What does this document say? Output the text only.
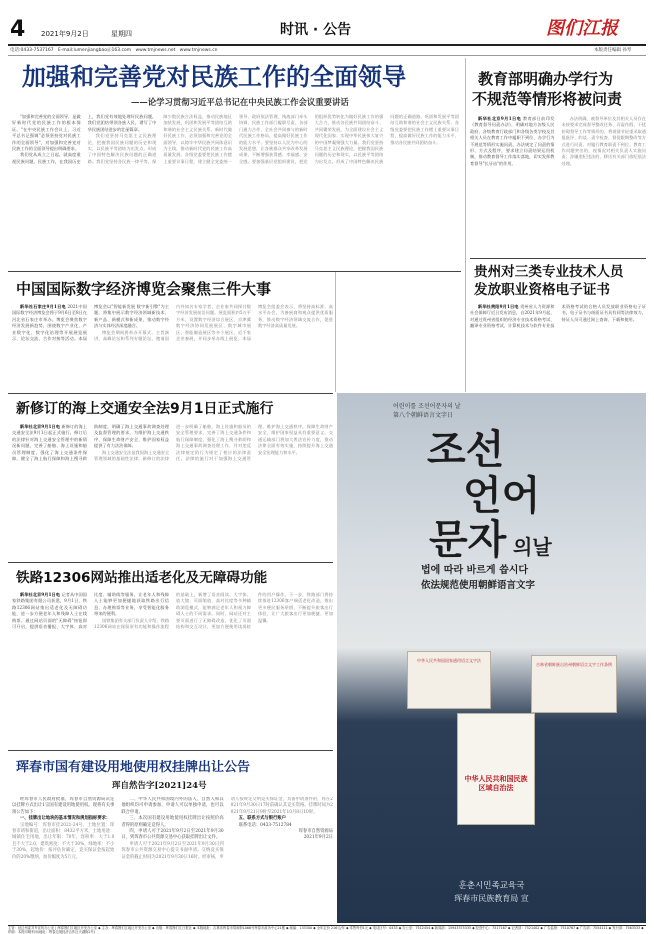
4 2021年9月2日	星期四	时讯 · 公告	图们江报
本版责任编辑 孙琴
电话:0433-7537167 E-mail:lumenjiangbao＠163.com www.tmjnews.net www.tmjnews.cn
加强和完善党对民族工作的全面领导
——论学习贯彻习近平总书记在中央民族工作会议重要讲话

"加强和完善党的全面领导，是做好新时代党的民族工作的根本保证。"在中央民族工作会议上，习近平总书记强调"必须坚持党对民族工作的全面领导"，对加强和完善党对民族工作的全面领导提出明确要求。

我们党从成立之日起，就高度重视民族问题。民族工作，在我国历史上，我们党有效地处理好民族问题，我们党团结带领各族人民，谱写了中华民族团结进步的壮丽篇章。

我们党坚持马克思主义民族理论，把握我国民族问题的历史和现实，以民族平等团结为出发点，形成了中国特色解决民族问题的正确道路。我们党坚持各民族一律平等，保障少数民族合法权益，推动民族地区加快发展，巩固和发展平等团结互助和谐的社会主义民族关系。新时代做好民族工作，必须加强和完善党的全面领导，以铸牢中华民族共同体意识为主线，推动新时代党的民族工作高质量发展。各级党委要把民族工作摆上重要议事日程，建立健全党委统一领导、政府依法管理、统战部门牵头协调、民族工作部门履职尽责、各部门通力合作、全社会共同参与的新时代民族工作格局，提高做好民族工作的能力水平。要坚持以人民为中心的发展思想，让各族群众共享改革发展成果，不断增强获得感、幸福感、安全感。要加强基层党组织建设，把党的组织优势转化为做好民族工作的强大合力，推动各民族共同团结奋斗、共同繁荣发展，为全面建设社会主义现代化国家、实现中华民族伟大复兴的中国梦凝聚强大力量。我们党坚持马克思主义民族理论，把握我国民族问题的历史和现实，以民族平等团结为出发点，形成了中国特色解决民族问题的正确道路，巩固和发展平等团结互助和谐的社会主义民族关系。各级党委要把民族工作摆上重要议事日程，提高做好民族工作的能力水平，推动各民族共同团结奋斗。

中国国际数字经济博览会聚焦三件大事

新华社石家庄9月1日电 2021中国国际数字经济博览会将于9月6日至8日在河北省石家庄市举办。博览会聚焦数字经济发展新趋势，围绕数字产业化、产业数字化、数字化治理等开展展览展示、论坛交流、合作对接等活动。本届博览会以"智能新发展 数字新引擎"为主题，将集中展示数字经济领域新技术、新产品、新模式和新成果，推动数字经济与实体经济深度融合。

博览会期间将举办开幕式、主旨演讲、高峰论坛和系列专题论坛，邀请国内外知名专家学者、企业家共同探讨数字经济发展前沿问题。展览面积约5万平方米，设置数字经济综合展区、京津冀数字经济协同发展展区、数字城市展区、智能制造展区等多个展区，近千家企业参展，并同步举办线上展览。本届博览会组委会表示，将坚持高标准、高水平办会，为参展商和观众提供优质服务，推动数字经济领域交流合作，促进数字经济高质量发展。

新修订的海上交通安全法9月1日正式施行

新华社北京9月1日电 新修订的海上交通安全法9月1日起正式施行。修订后的法律针对海上交通安全管理中的新情况新问题，完善了船舶、海上设施和船员管理制度，强化了海上交通条件保障，健全了海上航行保障和海上搜寻救助制度，明确了海上交通事故调查处理及监督管理的要求，为维护海上交通秩序、保障生命财产安全、维护国家权益提供了有力法治保障。

海上交通安全法是我国海上交通安全管理领域的基础性法律。新修订的法律进一步明确了船舶、海上设施和船员的安全管理要求，完善了海上交通条件和航行保障制度，强化了海上搜寻救助和海上交通事故调查处理工作，并对违反法律规定的行为规定了相应的法律责任。法律的施行对于加强海上交通管理，维护海上交通秩序，保障生命财产安全，维护国家权益具有重要意义。交通运输部门将加大普法宣传力度，推动法律全面有效实施，持续提升海上交通安全治理能力和水平。

铁路12306网站推出适老化及无障碍功能

新华社北京9月1日电 记者从中国国家铁路集团有限公司获悉，9月1日，铁路12306网站推出适老化及无障碍功能，进一步方便老年人和残障人士在线购票。通过网站页面的"无障碍"按钮即可开启，提供语音播报、大字体、高对比度、辅助线等服务，让老年人和残障人士能够更加便捷地获取铁路出行信息、办理购票等业务，享受智能化服务带来的便利。

国铁集团有关部门负责人介绍，铁路12306网站在保留原有功能和操作流程的基础上，新增了语音阅读、大字体、放大镜、页面缩放、高对比度等多种辅助浏览模式，能够满足老年人和视力障碍人士的不同需求。同时，网站还对主要页面进行了无障碍改造，优化了页面结构和交互设计，更加方便使用读屏软件的用户操作。下一步，铁路部门将持续推进12306客户端适老化改造，推出更多便民服务举措，不断提升旅客出行体验，让广大旅客出行更加便捷、更加温馨。

珲春市国有建设用地使用权挂牌出让公告
珲自然告字[2021]24号

经珲春市人民政府批准，珲春市自然资源局决定以挂牌方式出让1宗国有建设用地使用权。现将有关事项公告如下：

一、挂牌出让地块的基本情况和规划指标要求：

宗地编号：珲春市挂2021-24号，土地位置：珲春市靖和街道，出让面积：8432平方米，土地用途：城镇住宅用地，出让年限：70年，容积率：大于1.0且不大于2.0，建筑密度：不大于30%，绿地率：不小于30%，起始价：按评估价确定，竞买保证金按起始价的20%缴纳，加价幅度为5万元。

二、中华人民共和国境内外的法人、自然人和其他组织均可申请参加，申请人可以单独申请，也可以联合申请。

三、本次国有建设用地使用权挂牌出让按照价高者得的原则确定竞得人。

四、申请人可于2021年9月2日至2021年9月30日，到珲春市公共资源交易中心获取挂牌出让文件。

申请人可于2021年9月2日至2021年9月30日到珲春市公共资源交易中心提交书面申请。交纳竞买保证金的截止时间为2021年9月30日16时。经审核，申请人按规定交纳竞买保证金，具备申请条件的，将在2021年9月30日17时前确认其竞买资格。挂牌时间为2021年9月21日9时至2021年10月8日10时。

五、联系方式与银行账户

联系电话：0433-7512784

珲春市自然资源局

2021年9月2日

教育部明确办学行为
不规范等情形将被问责

新华社北京9月1日电 教育部日前印发《教育督导问责办法》，明确对地方各级人民政府、各级教育行政部门和各级各类学校及其相关人员在教育工作中履职不到位、办学行为不规范等情形实施问责。办法规定了问责的情形、方式及程序，要求建立问责结果运用机制，推动教育督导工作落实落地，切实发挥教育督导"长牙齿"的作用。

办法明确，被督导单位及其相关人员存在未按要求完成督导整改任务、弄虚作假、干扰妨碍督导工作等情形的，将视情节轻重采取通报批评、约谈、责令检查、督促限期整改等方式进行问责。对履行教育职责不到位、教育工作问题突出的，视情况对相关负责人实施问责；涉嫌违纪违法的，移送有关部门依纪依法处理。

贵州对三类专业技术人员
发放职业资格电子证书

新华社贵阳9月1日电 贵州省人力资源和社会保障厅近日发布消息，自2021年9月起，对通过贵州省组织的经济专业技术资格考试、翻译专业资格考试、计算机技术与软件专业技术资格考试的合格人员发放职业资格电子证书，电子证书与纸质证书具有同等法律效力，持证人员可通过网上查询、下载和使用。

어린이를 조선어문자의 날
第八个朝鲜语言文字日
조선
언어
문자 의날
법에 따라 바르게 씁시다
依法规范使用朝鲜语言文字
中华人民共和国国家通用语言文字法
吉林省朝鲜族自治州朝鲜语言文字工作条例
中华人民共和国民族区域自治法
훈춘시민족교육국
珲春市民族教育局 宣
主管：延边州委对外宣传办公室 | 珲春图们江地区开发办公室 ◆ 主办：珲春图们江地区开发办公室 ◆ 出版：珲春图们江日报社 ◆ 本版地址：吉林省珲春市靖和街1066号珲春市政务中心21楼 ◆ 邮编：133300 ◆ 全年定价 216元/年 ◆ 零售每份1元 ◆ 电话区号：0433 ◆ 办公室：7512454 ◆ 新闻部：15943375335 ◆ 经营中心：7517167 ◆ 记者部：7521402 ◆ 广告监督：7510767 ◆ 广告部：7554111 ◆ 发行部：7563533 ◆ 印刷：本报印刷车间(地址：珲春边境经济合作区天湖街2号)
